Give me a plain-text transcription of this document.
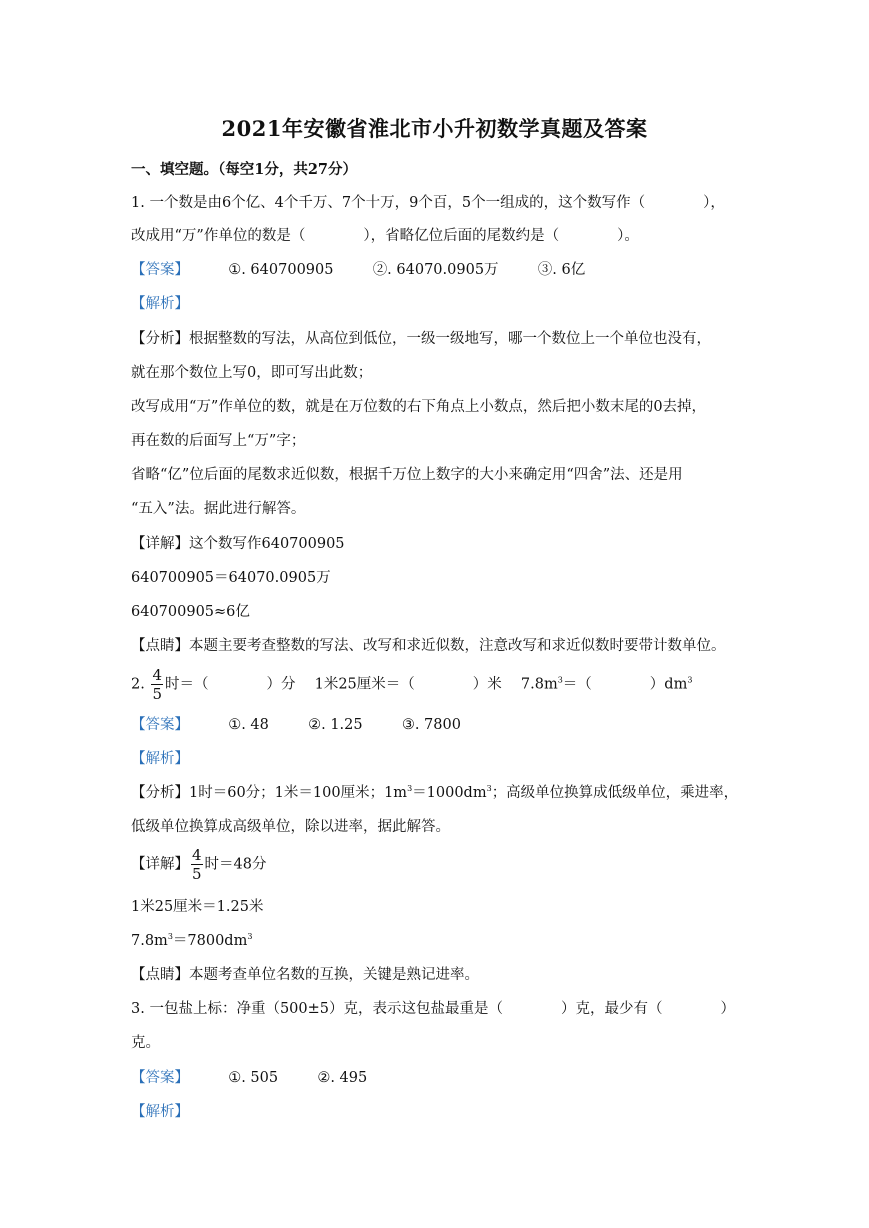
2021年安徽省淮北市小升初数学真题及答案
一、填空题。（每空1分，共27分）
1. 一个数是由6个亿、4个千万、7个十万，9个百，5个一组成的，这个数写作（　　　　），
改成用“万”作单位的数是（　　　　），省略亿位后面的尾数约是（　　　　）。
【答案】	①. 640700905	②. 64070.0905万	③. 6亿
【解析】
【分析】根据整数的写法，从高位到低位，一级一级地写，哪一个数位上一个单位也没有，
就在那个数位上写0，即可写出此数；
改写成用“万”作单位的数，就是在万位数的右下角点上小数点，然后把小数末尾的0去掉，
再在数的后面写上“万”字；
省略“亿”位后面的尾数求近似数，根据千万位上数字的大小来确定用“四舍”法、还是用
“五入”法。据此进行解答。
【详解】这个数写作640700905
640700905＝64070.0905万
640700905≈6亿
【点睛】本题主要考查整数的写法、改写和求近似数，注意改写和求近似数时要带计数单位。
2. $\frac{4}{5}$ 时＝（　　　　）分　 1米25厘米＝（　　　　）米　 $7.8m^3=$（　　　　）$dm^3$
【答案】	①. 48	②. 1.25	③. 7800
【解析】
【分析】1时＝60分；1米＝100厘米；$1m^3=1000dm^3$；高级单位换算成低级单位，乘进率，
低级单位换算成高级单位，除以进率，据此解答。
【详解】 $\frac{4}{5}$ 时＝48分
1米25厘米＝1.25米
$7.8m^3=7800dm^3$
【点睛】本题考查单位名数的互换，关键是熟记进率。
3. 一包盐上标：净重（500±5）克，表示这包盐最重是（　　　　）克，最少有（　　　　）
克。
【答案】	①. 505	②. 495
【解析】
